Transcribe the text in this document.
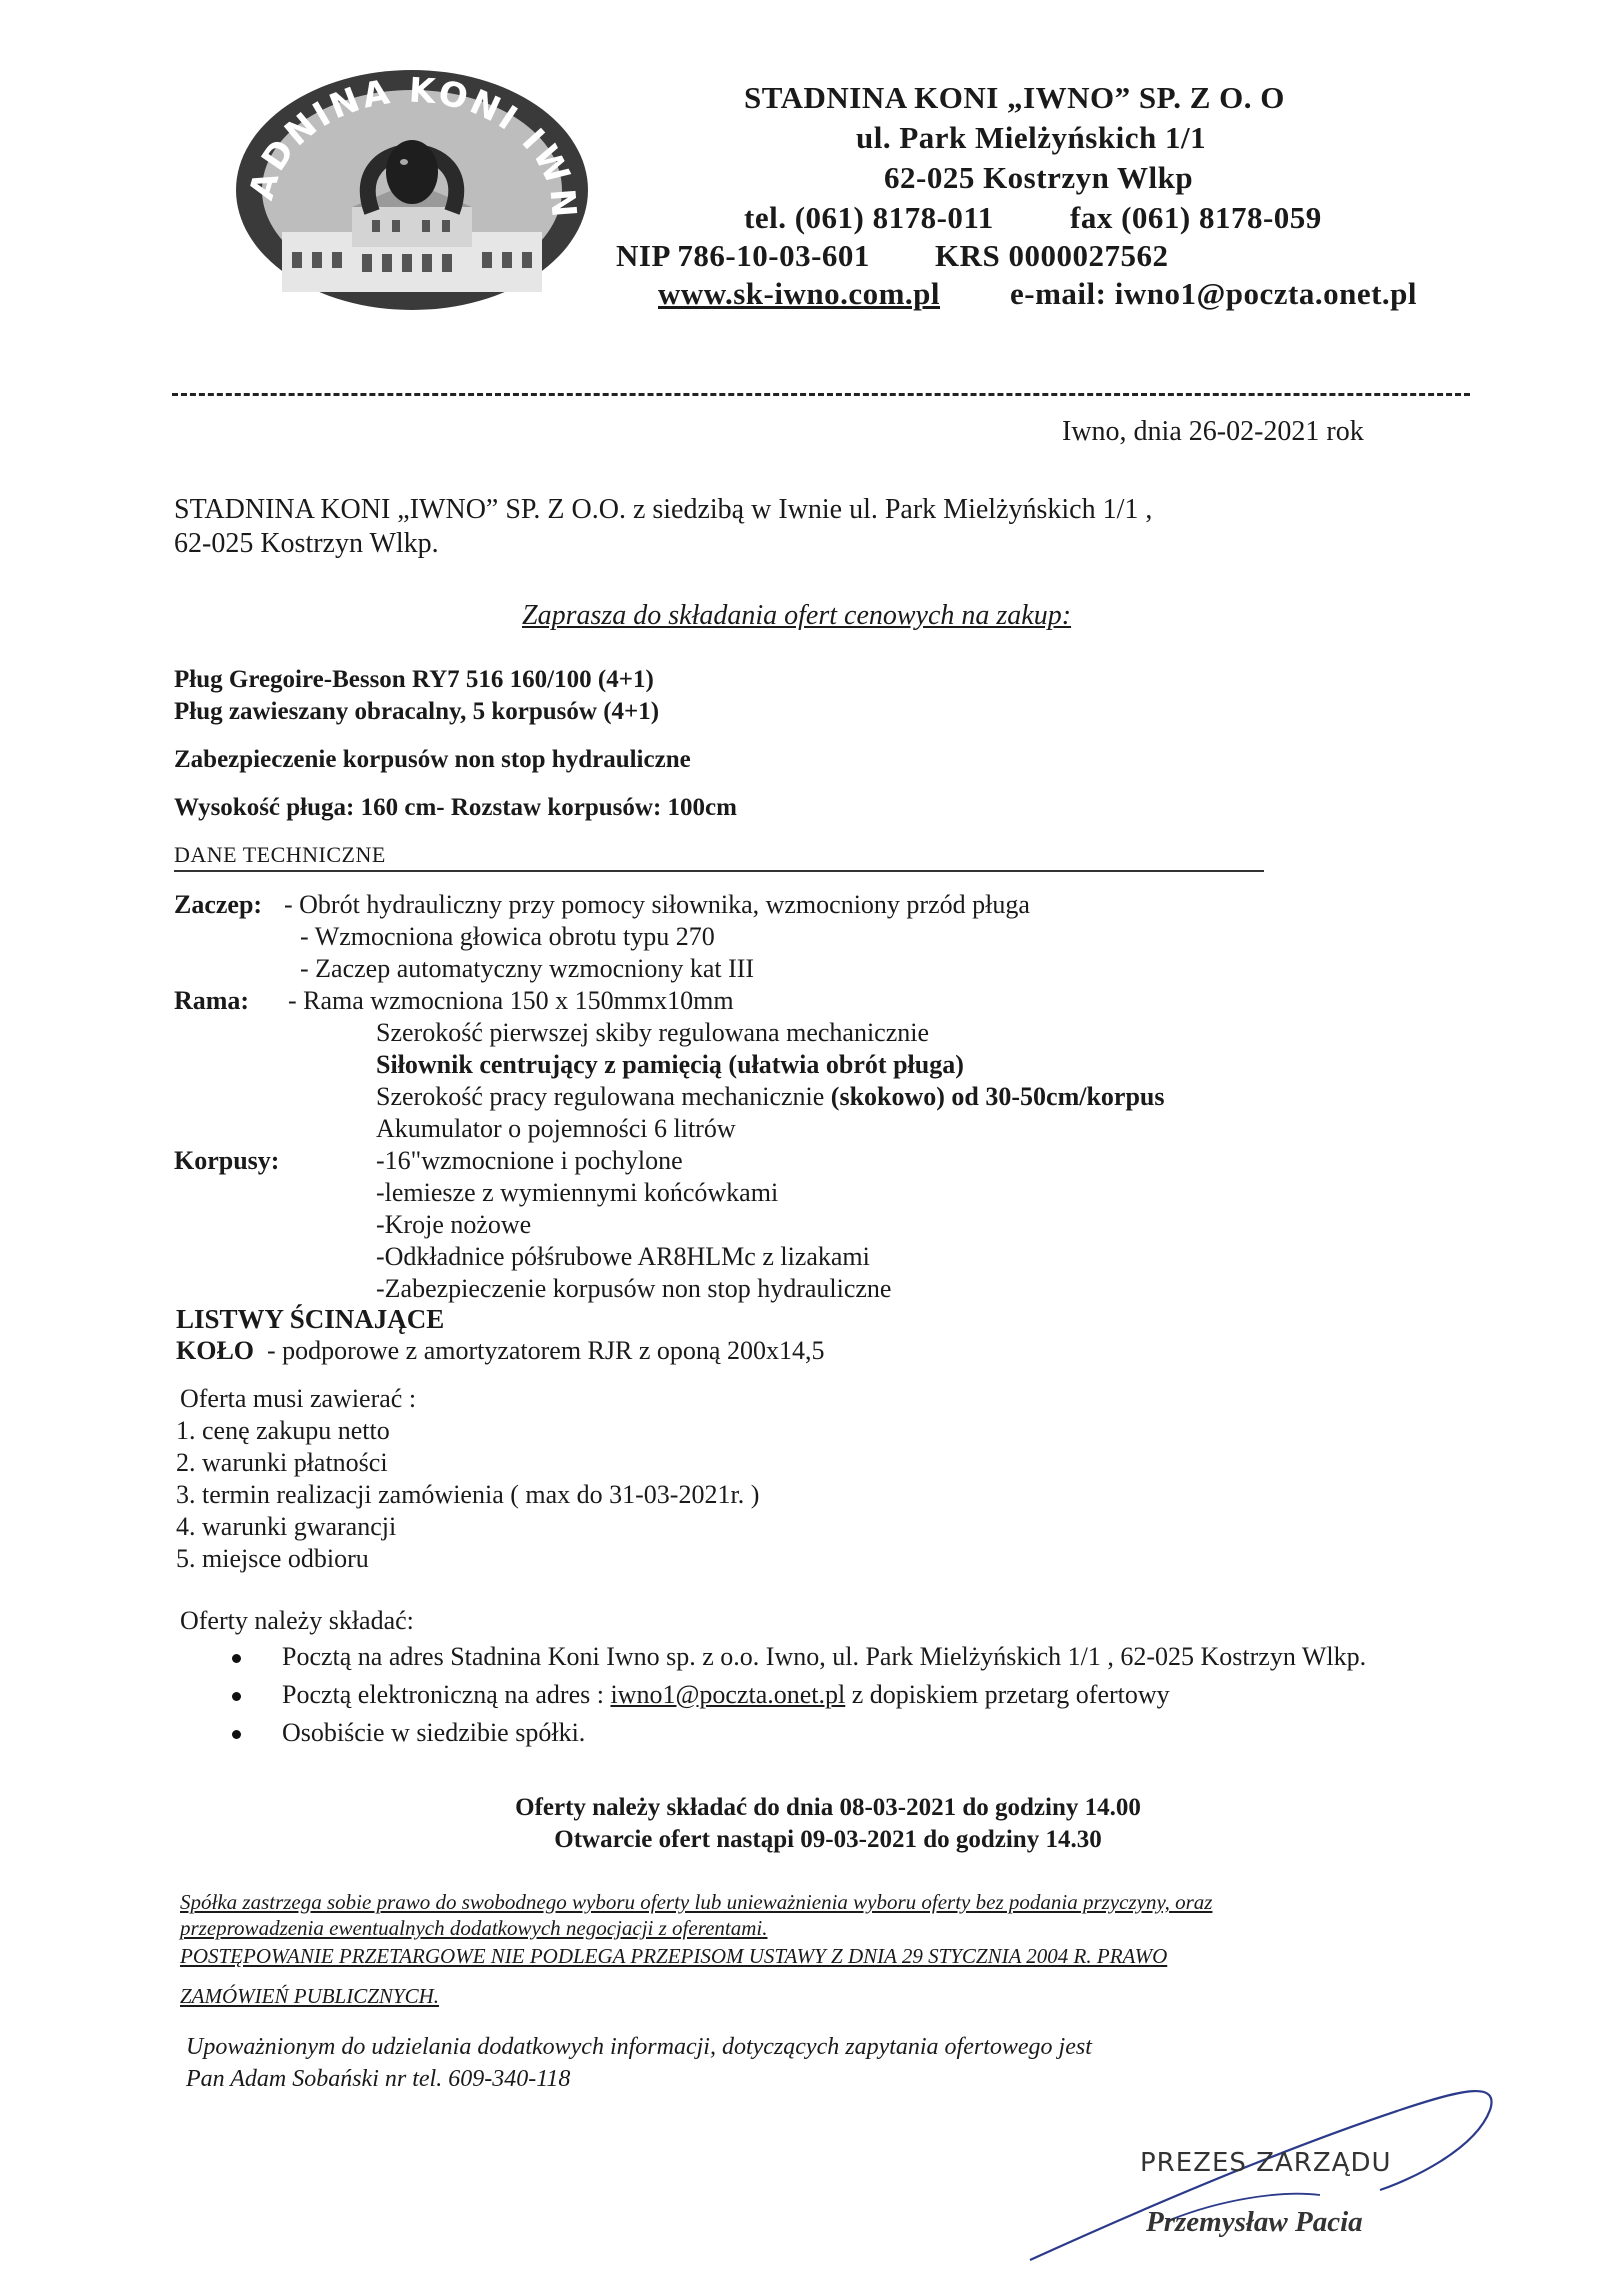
ADNINA KONI IWN
STADNINA KONI „IWNO” SP. Z O. O
ul. Park Mielżyńskich 1/1
62-025 Kostrzyn Wlkp
tel. (061) 8178-011 fax (061) 8178-059
NIP 786-10-03-601 KRS 0000027562
www.sk-iwno.com.pl e-mail: iwno1@poczta.onet.pl
Iwno, dnia 26-02-2021 rok
STADNINA KONI „IWNO” SP. Z O.O. z siedzibą w Iwnie ul. Park Mielżyńskich 1/1 ,
62-025 Kostrzyn Wlkp.
Zaprasza do składania ofert cenowych na zakup:
Pług Gregoire-Besson RY7 516 160/100 (4+1)
Pług zawieszany obracalny, 5 korpusów (4+1)
Zabezpieczenie korpusów non stop hydrauliczne
Wysokość pługa: 160 cm- Rozstaw korpusów: 100cm
DANE TECHNICZNE
Zaczep: - Obrót hydrauliczny przy pomocy siłownika, wzmocniony przód pługa
- Wzmocniona głowica obrotu typu 270
- Zaczep automatyczny wzmocniony kat III
Rama: - Rama wzmocniona 150 x 150mmx10mm
Szerokość pierwszej skiby regulowana mechanicznie
Siłownik centrujący z pamięcią (ułatwia obrót pługa)
Szerokość pracy regulowana mechanicznie (skokowo) od 30-50cm/korpus
Akumulator o pojemności 6 litrów
Korpusy:	-16"wzmocnione i pochylone
-lemiesze z wymiennymi końcówkami
-Kroje nożowe
-Odkładnice półśrubowe AR8HLMc z lizakami
-Zabezpieczenie korpusów non stop hydrauliczne
LISTWY ŚCINAJĄCE
KOŁO - podporowe z amortyzatorem RJR z oponą 200x14,5
Oferta musi zawierać :
1. cenę zakupu netto
2. warunki płatności
3. termin realizacji zamówienia ( max do 31-03-2021r. )
4. warunki gwarancji
5. miejsce odbioru
Oferty należy składać:
Pocztą na adres Stadnina Koni Iwno sp. z o.o. Iwno, ul. Park Mielżyńskich 1/1 , 62-025 Kostrzyn Wlkp.
Pocztą elektroniczną na adres : iwno1@poczta.onet.pl z dopiskiem przetarg ofertowy
Osobiście w siedzibie spółki.
Oferty należy składać do dnia 08-03-2021 do godziny 14.00
Otwarcie ofert nastąpi 09-03-2021 do godziny 14.30
Spółka zastrzega sobie prawo do swobodnego wyboru oferty lub unieważnienia wyboru oferty bez podania przyczyny, oraz
przeprowadzenia ewentualnych dodatkowych negocjacji z oferentami.
POSTĘPOWANIE PRZETARGOWE NIE PODLEGA PRZEPISOM USTAWY Z DNIA 29 STYCZNIA 2004 R. PRAWO
ZAMÓWIEŃ PUBLICZNYCH.
Upoważnionym do udzielania dodatkowych informacji, dotyczących zapytania ofertowego jest
Pan Adam Sobański nr tel. 609-340-118
PREZES ZARZĄDU
Przemysław Pacia
